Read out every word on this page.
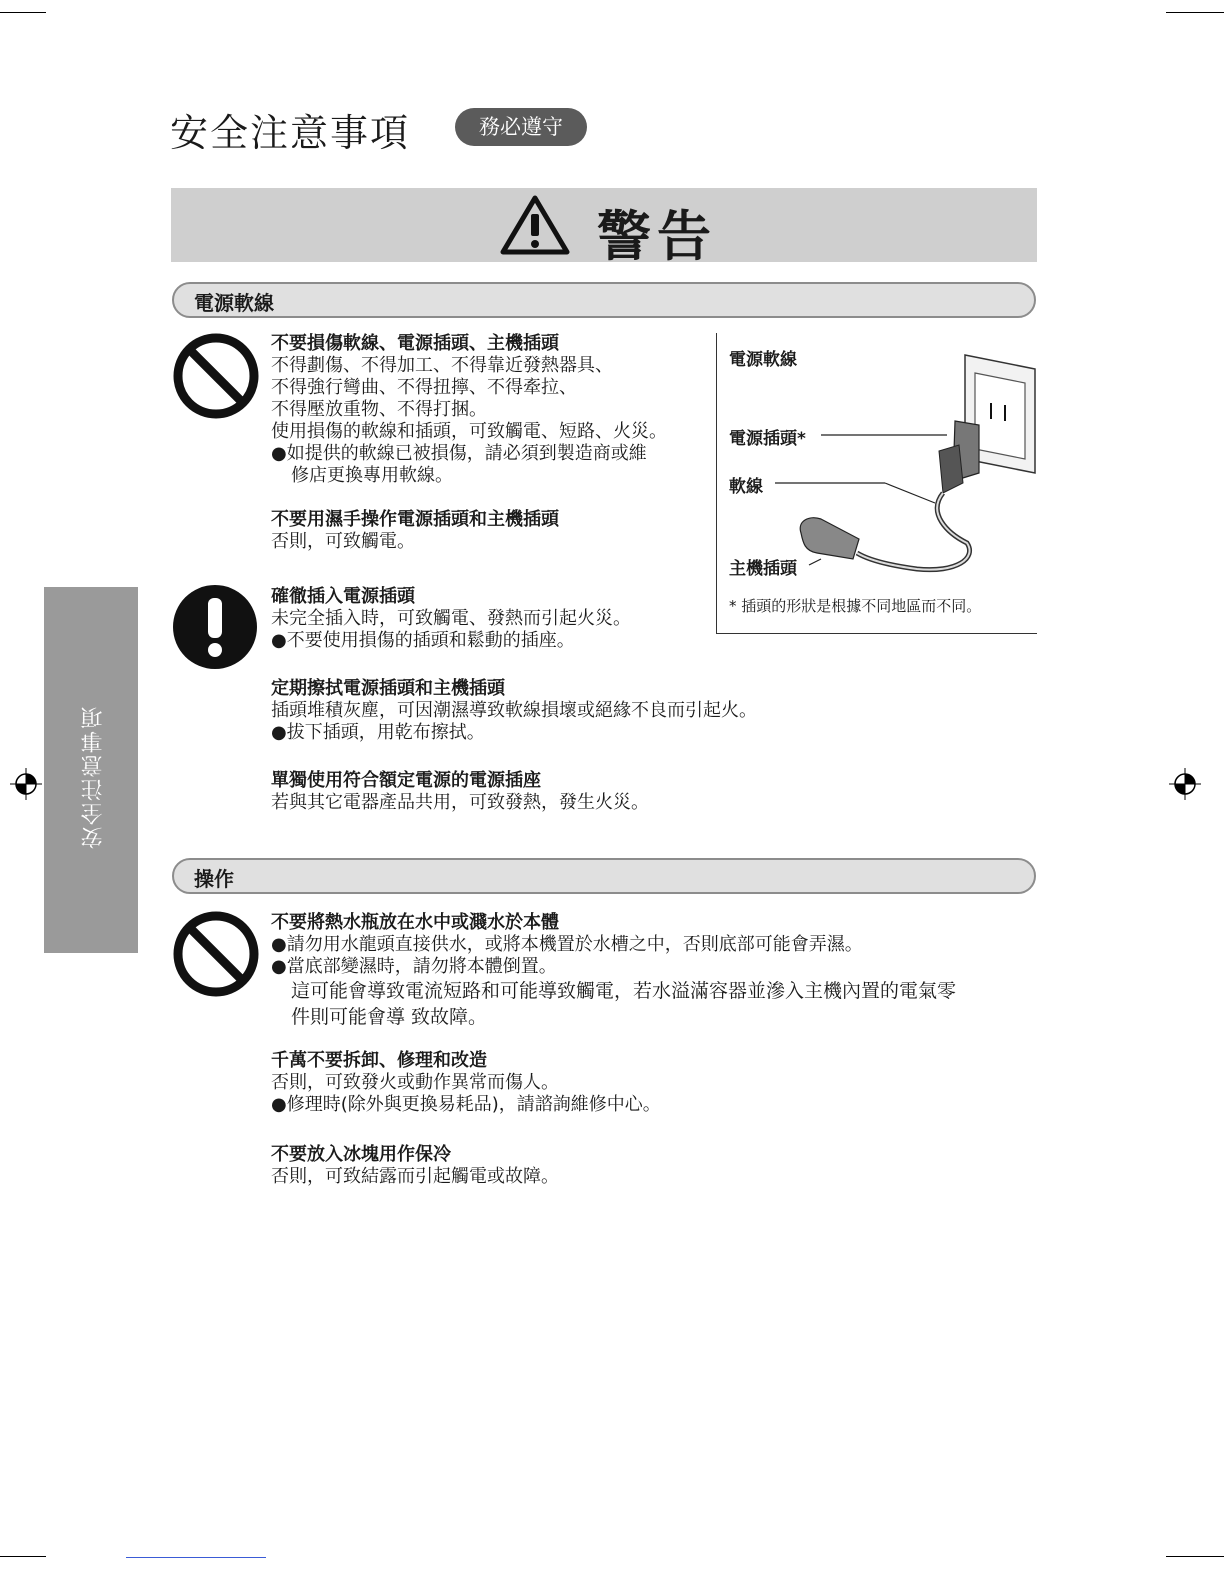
安全注意事項	務必遵守
警告
電源軟線
不要損傷軟線、電源插頭、主機插頭
不得劃傷、不得加工、不得靠近發熱器具、
不得強行彎曲、不得扭擰、不得牽拉、
不得壓放重物、不得打捆。
使用損傷的軟線和插頭，可致觸電、短路、火災。
●如提供的軟線已被損傷，請必須到製造商或維
修店更換專用軟線。
不要用濕手操作電源插頭和主機插頭
否則，可致觸電。
確徹插入電源插頭
未完全插入時，可致觸電、發熱而引起火災。
●不要使用損傷的插頭和鬆動的插座。
定期擦拭電源插頭和主機插頭
插頭堆積灰塵，可因潮濕導致軟線損壞或絕緣不良而引起火。
●拔下插頭，用乾布擦拭。
單獨使用符合額定電源的電源插座
若與其它電器產品共用，可致發熱，發生火災。
電源軟線
電源插頭*
軟線
主機插頭
* 插頭的形狀是根據不同地區而不同。
操作
不要將熱水瓶放在水中或濺水於本體
●請勿用水龍頭直接供水，或將本機置於水槽之中，否則底部可能會弄濕。
●當底部變濕時，請勿將本體倒置。
這可能會導致電流短路和可能導致觸電，若水溢滿容器並滲入主機內置的電氣零
件則可能會導 致故障。
千萬不要拆卸、修理和改造
否則，可致發火或動作異常而傷人。
●修理時(除外與更換易耗品)，請諮詢維修中心。
不要放入冰塊用作保冷
否則，可致結露而引起觸電或故障。
安全注意事項
